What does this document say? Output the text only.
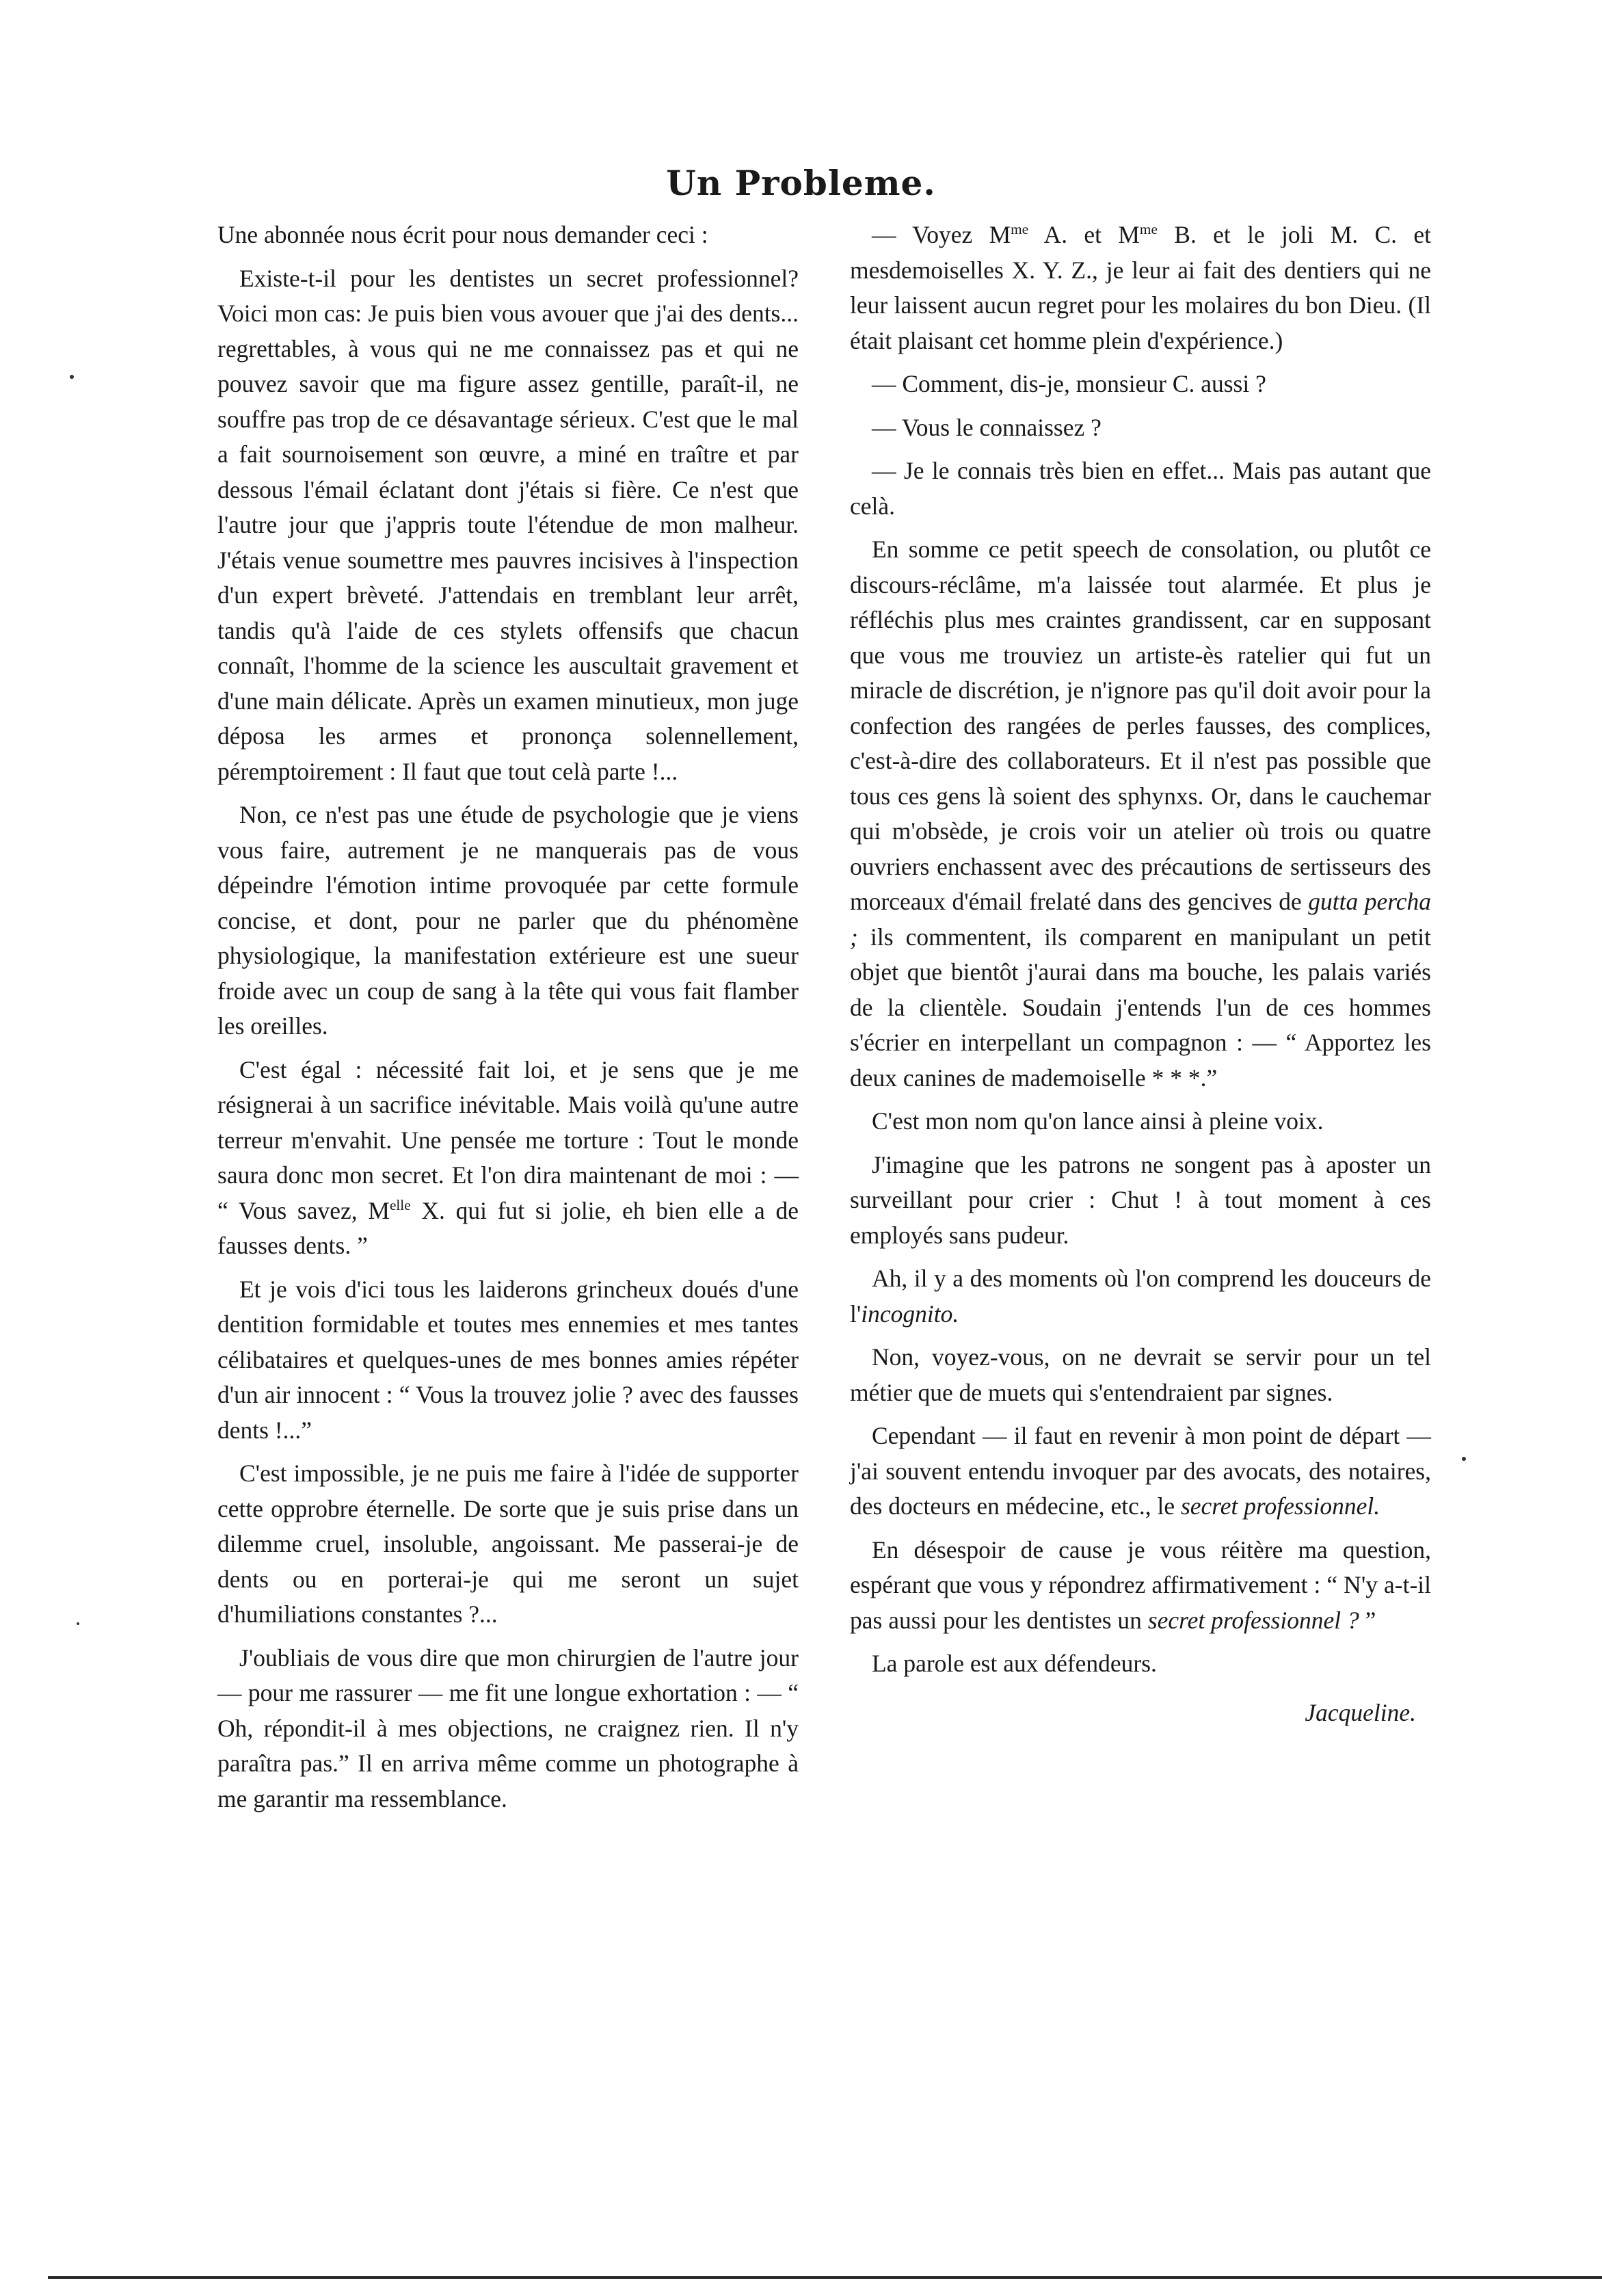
Un Probleme.

Une abonnée nous écrit pour nous demander ceci :

Existe-t-il pour les dentistes un secret professionnel? Voici mon cas: Je puis bien vous avouer que j'ai des dents... regrettables, à vous qui ne me connaissez pas et qui ne pouvez savoir que ma figure assez gentille, paraît-il, ne souffre pas trop de ce désavantage sérieux. C'est que le mal a fait sournoisement son œuvre, a miné en traître et par dessous l'émail éclatant dont j'étais si fière. Ce n'est que l'autre jour que j'appris toute l'étendue de mon malheur. J'étais venue soumettre mes pauvres incisives à l'inspection d'un expert brèveté. J'attendais en tremblant leur arrêt, tandis qu'à l'aide de ces stylets offensifs que chacun connaît, l'homme de la science les auscultait gravement et d'une main délicate. Après un examen minutieux, mon juge déposa les armes et prononça solennellement, péremptoirement : Il faut que tout celà parte !...

Non, ce n'est pas une étude de psychologie que je viens vous faire, autrement je ne manquerais pas de vous dépeindre l'émotion intime provoquée par cette formule concise, et dont, pour ne parler que du phénomène physiologique, la manifestation extérieure est une sueur froide avec un coup de sang à la tête qui vous fait flamber les oreilles.

C'est égal : nécessité fait loi, et je sens que je me résignerai à un sacrifice inévitable. Mais voilà qu'une autre terreur m'envahit. Une pensée me torture : Tout le monde saura donc mon secret. Et l'on dira maintenant de moi : — “ Vous savez, $M^{elle}$ X. qui fut si jolie, eh bien elle a de fausses dents. ”

Et je vois d'ici tous les laiderons grincheux doués d'une dentition formidable et toutes mes ennemies et mes tantes célibataires et quelques-unes de mes bonnes amies répéter d'un air innocent : “ Vous la trouvez jolie ? avec des fausses dents !...”

C'est impossible, je ne puis me faire à l'idée de supporter cette opprobre éternelle. De sorte que je suis prise dans un dilemme cruel, insoluble, angoissant. Me passerai-je de dents ou en porterai-je qui me seront un sujet d'humiliations constantes ?...

J'oubliais de vous dire que mon chirurgien de l'autre jour — pour me rassurer — me fit une longue exhortation : — “ Oh, répondit-il à mes objections, ne craignez rien. Il n'y paraîtra pas.” Il en arriva même comme un photographe à me garantir ma ressemblance.

— Voyez $M^{me}$ A. et $M^{me}$ B. et le joli M. C. et mesdemoiselles X. Y. Z., je leur ai fait des dentiers qui ne leur laissent aucun regret pour les molaires du bon Dieu. (Il était plaisant cet homme plein d'expérience.)

— Comment, dis-je, monsieur C. aussi ?

— Vous le connaissez ?

— Je le connais très bien en effet... Mais pas autant que celà.

En somme ce petit speech de consolation, ou plutôt ce discours-réclâme, m'a laissée tout alarmée. Et plus je réfléchis plus mes craintes grandissent, car en supposant que vous me trouviez un artiste-ès ratelier qui fut un miracle de discrétion, je n'ignore pas qu'il doit avoir pour la confection des rangées de perles fausses, des complices, c'est-à-dire des collaborateurs. Et il n'est pas possible que tous ces gens là soient des sphynxs. Or, dans le cauchemar qui m'obsède, je crois voir un atelier où trois ou quatre ouvriers enchassent avec des précautions de sertisseurs des morceaux d'émail frelaté dans des gencives de gutta percha ; ils commentent, ils comparent en manipulant un petit objet que bientôt j'aurai dans ma bouche, les palais variés de la clientèle. Soudain j'entends l'un de ces hommes s'écrier en interpellant un compagnon : — “ Apportez les deux canines de mademoiselle * * *.”

C'est mon nom qu'on lance ainsi à pleine voix.

J'imagine que les patrons ne songent pas à aposter un surveillant pour crier : Chut ! à tout moment à ces employés sans pudeur.

Ah, il y a des moments où l'on comprend les douceurs de l'incognito.

Non, voyez-vous, on ne devrait se servir pour un tel métier que de muets qui s'entendraient par signes.

Cependant — il faut en revenir à mon point de départ — j'ai souvent entendu invoquer par des avocats, des notaires, des docteurs en médecine, etc., le secret professionnel.

En désespoir de cause je vous réitère ma question, espérant que vous y répondrez affirmativement : “ N'y a-t-il pas aussi pour les dentistes un secret professionnel ? ”

La parole est aux défendeurs.

Jacqueline.
